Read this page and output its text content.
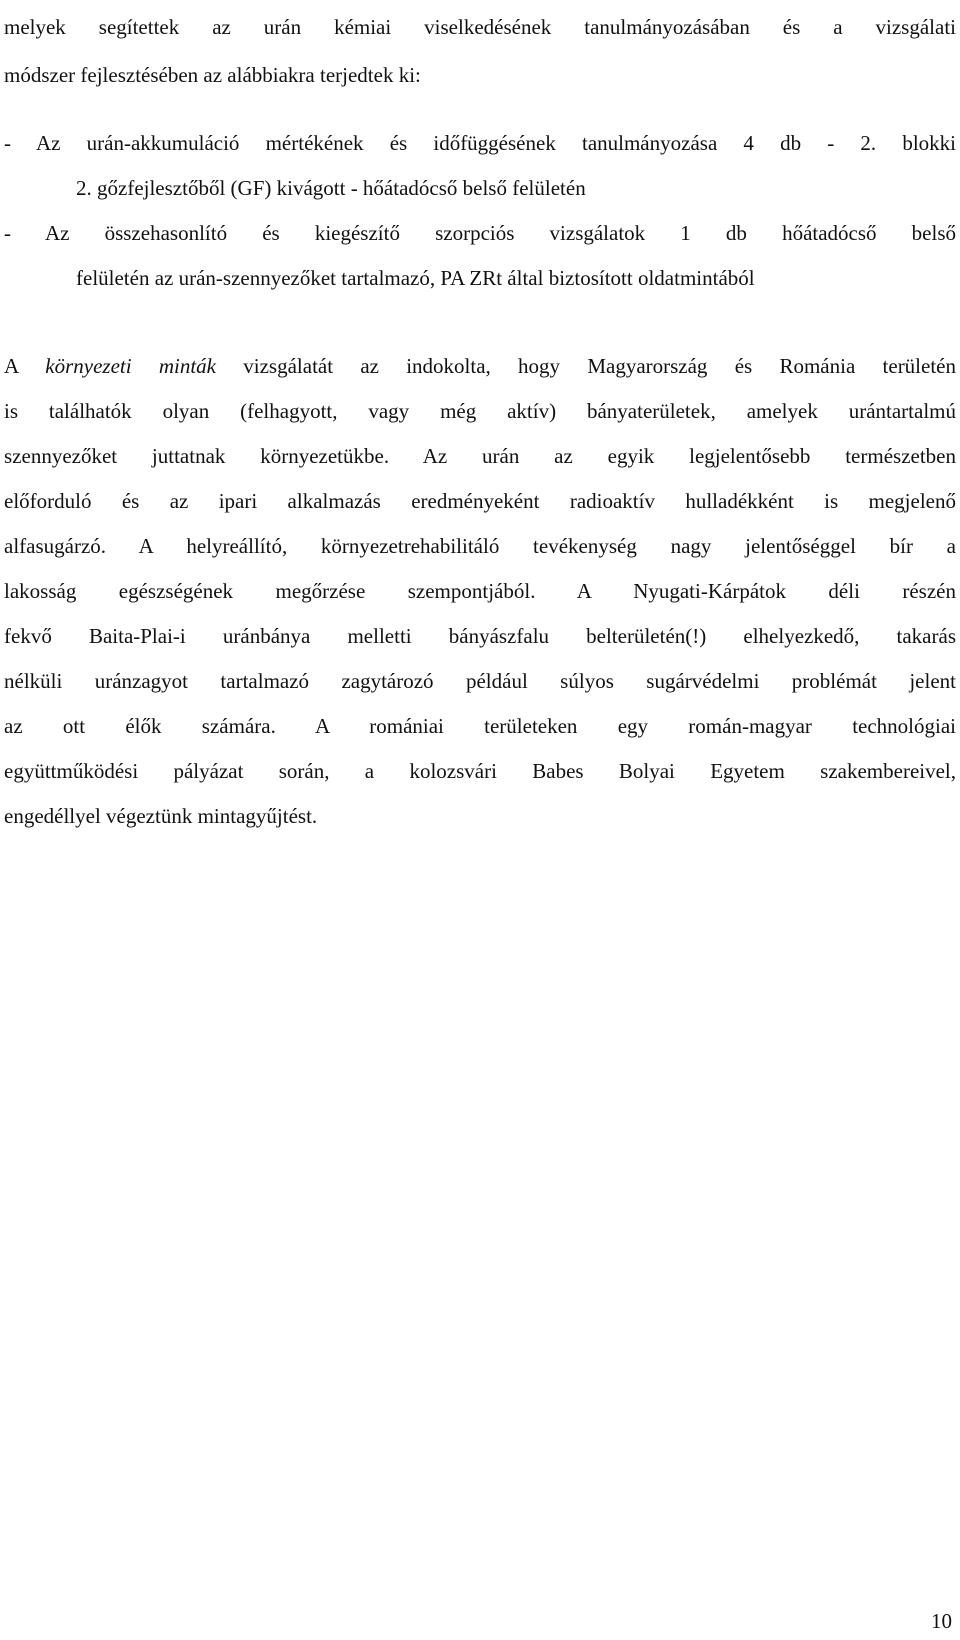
melyek segítettek az urán kémiai viselkedésének tanulmányozásában és a vizsgálati

módszer fejlesztésében az alábbiakra terjedtek ki:

- Az urán-akkumuláció mértékének és időfüggésének tanulmányozása 4 db - 2. blokki

2. gőzfejlesztőből (GF) kivágott - hőátadócső belső felületén

- Az összehasonlító és kiegészítő szorpciós vizsgálatok 1 db hőátadócső belső

felületén az urán-szennyezőket tartalmazó, PA ZRt által biztosított oldatmintából

A környezeti minták vizsgálatát az indokolta, hogy Magyarország és Románia területén

is találhatók olyan (felhagyott, vagy még aktív) bányaterületek, amelyek urántartalmú

szennyezőket juttatnak környezetükbe. Az urán az egyik legjelentősebb természetben

előforduló és az ipari alkalmazás eredményeként radioaktív hulladékként is megjelenő

alfasugárzó. A helyreállító, környezetrehabilitáló tevékenység nagy jelentőséggel bír a

lakosság egészségének megőrzése szempontjából. A Nyugati-Kárpátok déli részén

fekvő Baita-Plai-i uránbánya melletti bányászfalu belterületén(!) elhelyezkedő, takarás

nélküli uránzagyot tartalmazó zagytározó például súlyos sugárvédelmi problémát jelent

az ott élők számára. A romániai területeken egy román-magyar technológiai

együttműködési pályázat során, a kolozsvári Babes Bolyai Egyetem szakembereivel,

engedéllyel végeztünk mintagyűjtést.

10
